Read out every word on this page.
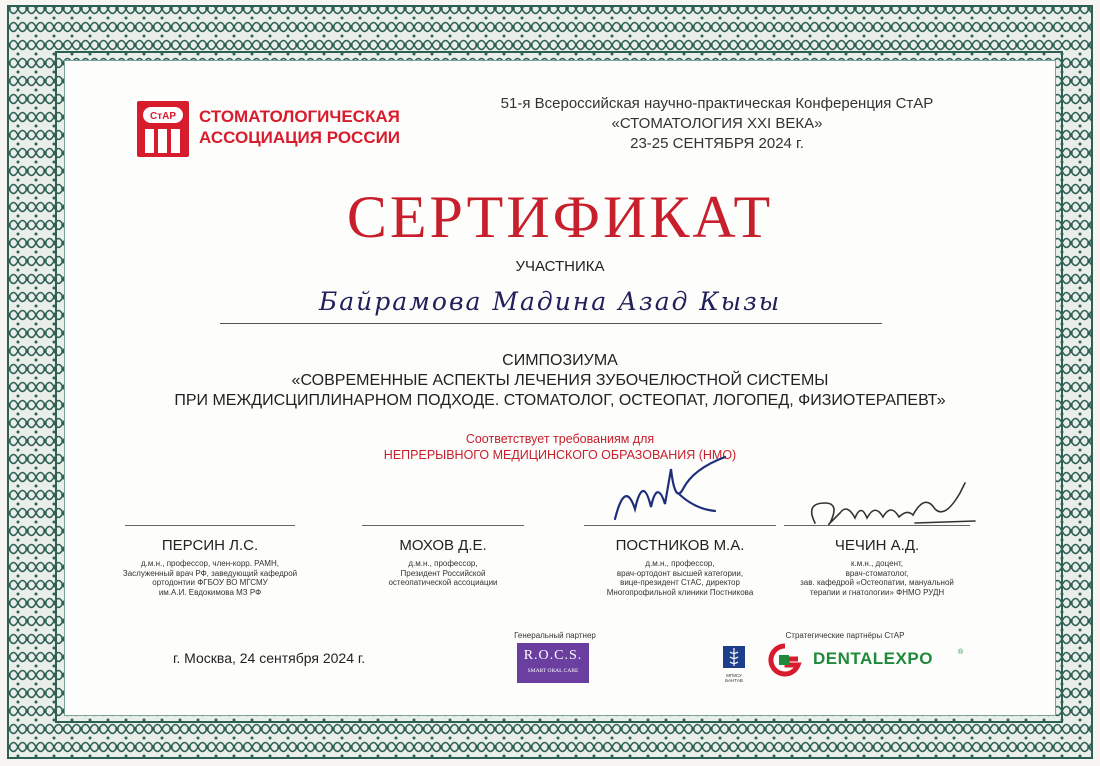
СтАР СТОМАТОЛОГИЧЕСКАЯ
АССОЦИАЦИЯ РОССИИ
51-я Всероссийская научно-практическая Конференция СтАР
«СТОМАТОЛОГИЯ XXI ВЕКА»
23-25 СЕНТЯБРЯ 2024 г.
СЕРТИФИКАТ
УЧАСТНИКА
Байрамова Мадина Азад Кызы
СИМПОЗИУМА
«СОВРЕМЕННЫЕ АСПЕКТЫ ЛЕЧЕНИЯ ЗУБОЧЕЛЮСТНОЙ СИСТЕМЫ
ПРИ МЕЖДИСЦИПЛИНАРНОМ ПОДХОДЕ. СТОМАТОЛОГ, ОСТЕОПАТ, ЛОГОПЕД, ФИЗИОТЕРАПЕВТ»
Соответствует требованиям для
НЕПРЕРЫВНОГО МЕДИЦИНСКОГО ОБРАЗОВАНИЯ (НМО)
ПЕРСИН Л.С.	МОХОВ Д.Е.	ПОСТНИКОВ М.А.	ЧЕЧИН А.Д.
д.м.н., профессор, член-корр. РАМН,
Заслуженный врач РФ, заведующий кафедрой
ортодонтии ФГБОУ ВО МГСМУ
им.А.И. Евдокимова МЗ РФ
д.м.н., профессор,
Президент Российской
остеопатической ассоциации
д.м.н., профессор,
врач-ортодонт высшей категории,
вице-президент СтАС, директор
Многопрофильной клиники Постникова
к.м.н., доцент,
врач-стоматолог,
зав. кафедрой «Остеопатии, мануальной
терапии и гнатологии» ФНМО РУДН
г. Москва, 24 сентября 2024 г.
Генеральный партнер
R.O.C.S.
SMART ORAL CARE
Стратегические партнёры СтАР
МГМСУ БАНТАВ
DENTALEXPO	®
